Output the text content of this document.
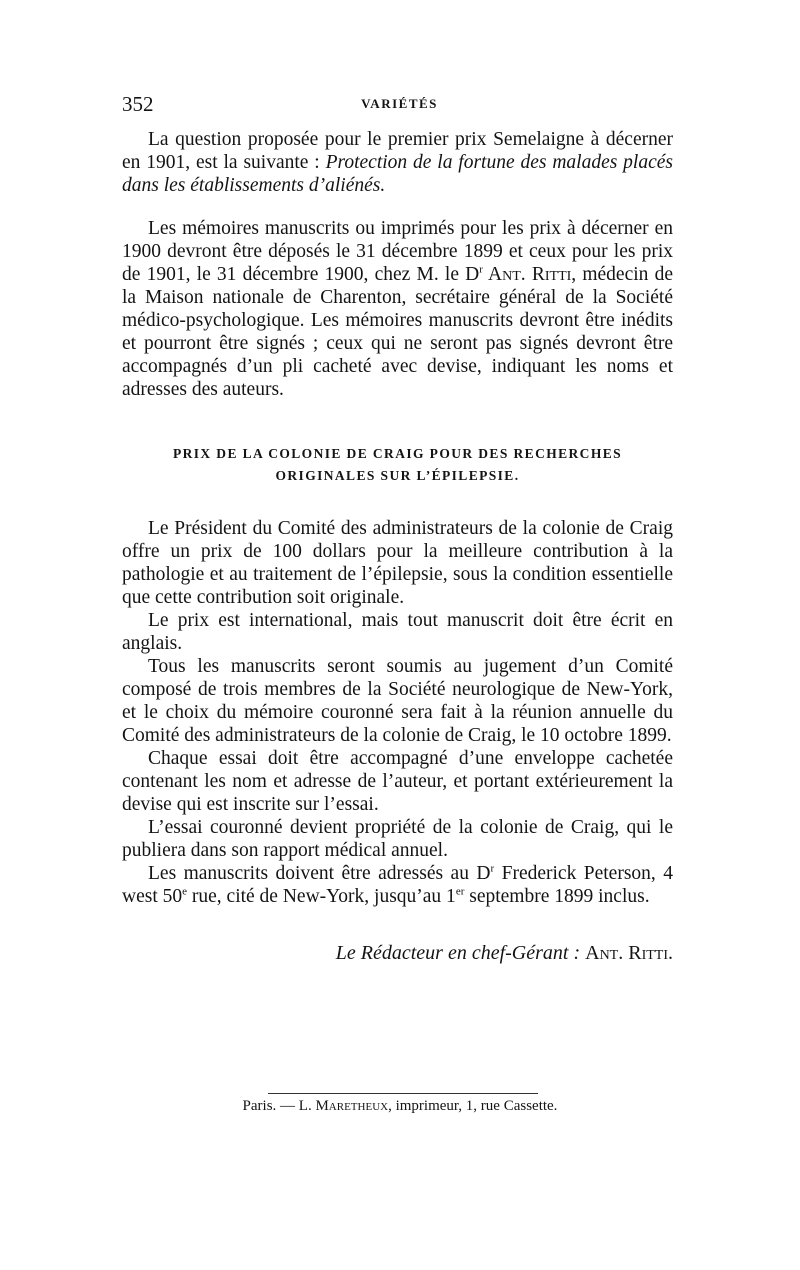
352	VARIÉTÉS

La question proposée pour le premier prix Semelaigne à décerner en 1901, est la suivante : Protection de la fortune des malades placés dans les établissements d’aliénés.

Les mémoires manuscrits ou imprimés pour les prix à décerner en 1900 devront être déposés le 31 décembre 1899 et ceux pour les prix de 1901, le 31 décembre 1900, chez M. le $D^r$ Ant. Ritti, médecin de la Maison nationale de Charenton, secrétaire général de la Société médico-psychologique. Les mémoires manuscrits devront être inédits et pourront être signés ; ceux qui ne seront pas signés devront être accompagnés d’un pli cacheté avec devise, indiquant les noms et adresses des auteurs.

PRIX DE LA COLONIE DE CRAIG POUR DES RECHERCHES
ORIGINALES SUR L’ÉPILEPSIE.

Le Président du Comité des administrateurs de la colonie de Craig offre un prix de 100 dollars pour la meilleure contribution à la pathologie et au traitement de l’épilepsie, sous la condition essentielle que cette contribution soit originale.

Le prix est international, mais tout manuscrit doit être écrit en anglais.

Tous les manuscrits seront soumis au jugement d’un Comité composé de trois membres de la Société neurologique de New-York, et le choix du mémoire couronné sera fait à la réunion annuelle du Comité des administrateurs de la colonie de Craig, le 10 octobre 1899.

Chaque essai doit être accompagné d’une enveloppe cachetée contenant les nom et adresse de l’auteur, et portant extérieurement la devise qui est inscrite sur l’essai.

L’essai couronné devient propriété de la colonie de Craig, qui le publiera dans son rapport médical annuel.

Les manuscrits doivent être adressés au $D^r$ Frederick Peterson, 4 west 50e rue, cité de New-York, jusqu’au 1er septembre 1899 inclus.

Le Rédacteur en chef-Gérant : Ant. Ritti.
Paris. — L. Maretheux, imprimeur, 1, rue Cassette.
